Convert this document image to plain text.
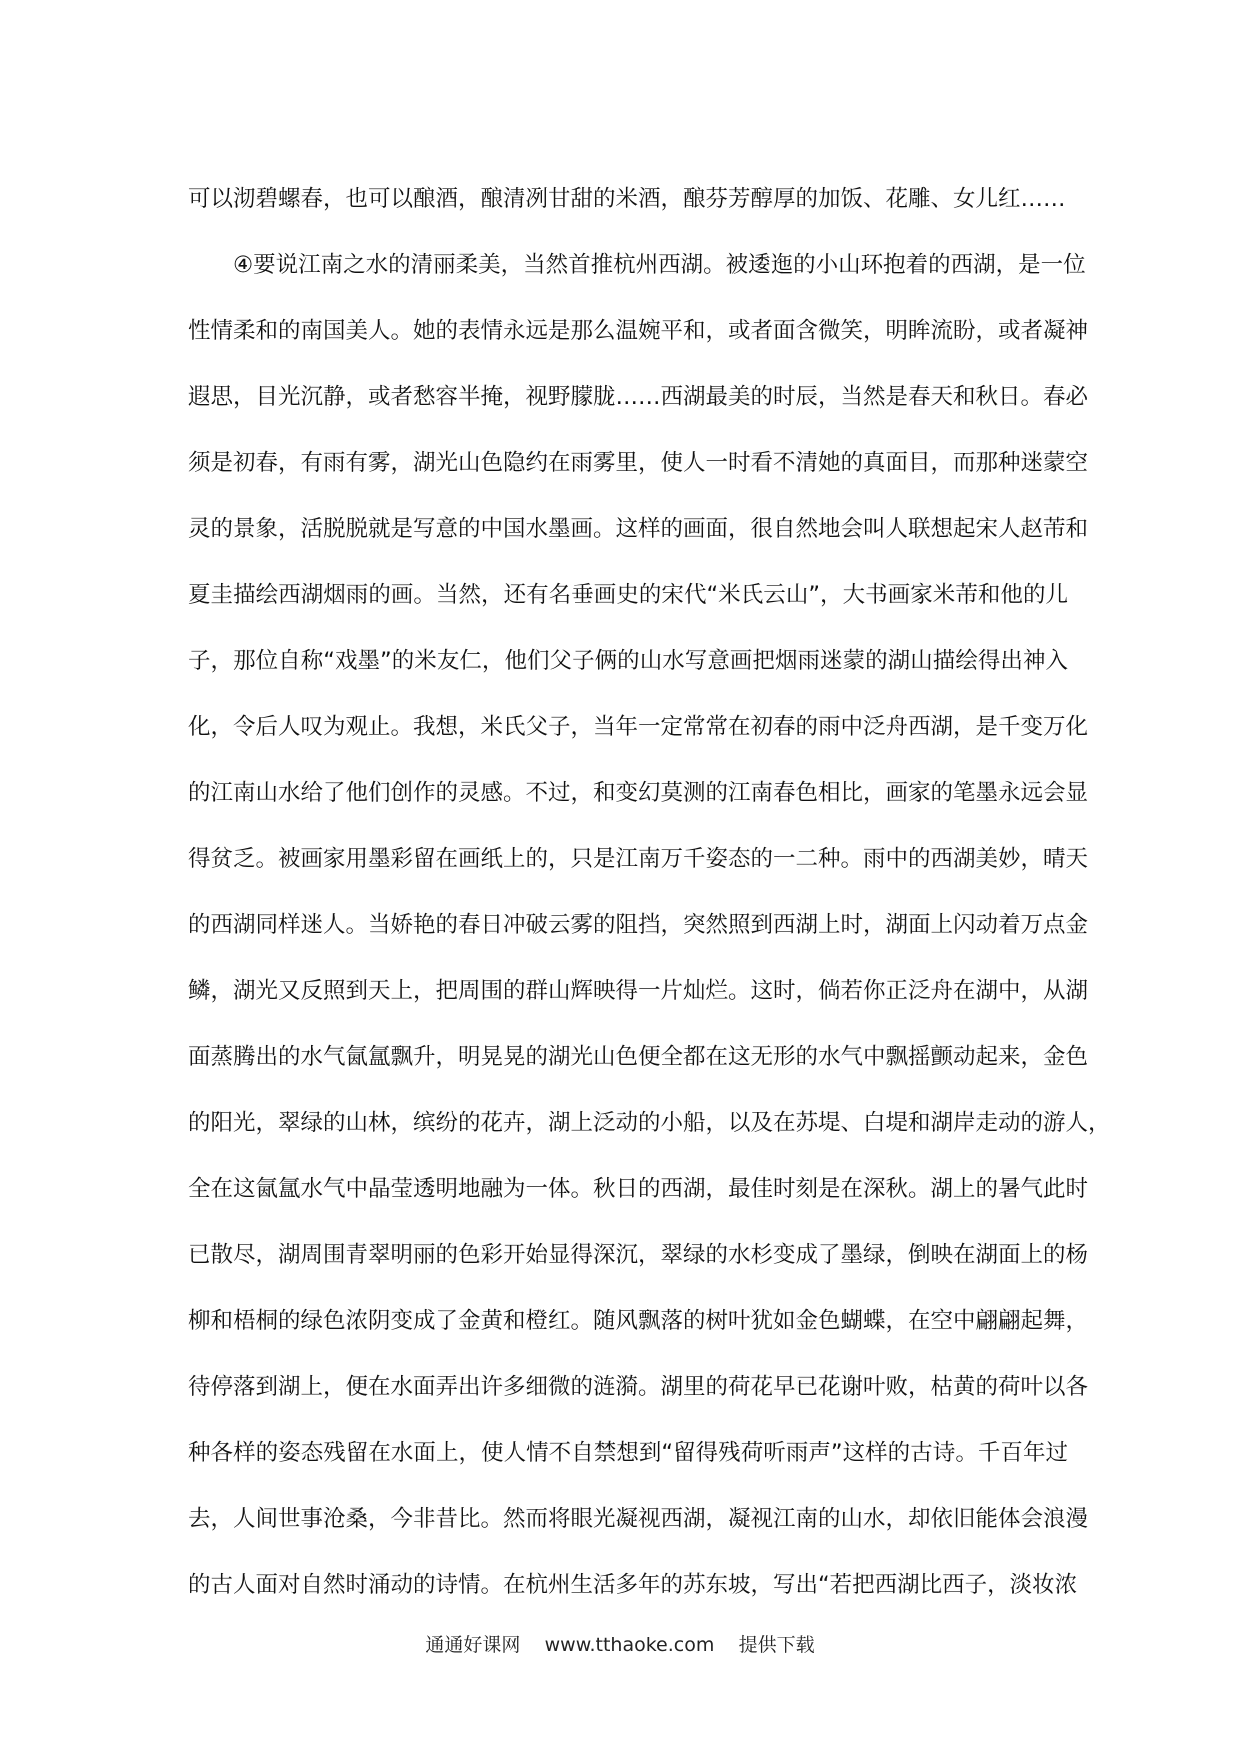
可以沏碧螺春，也可以酿酒，酿清冽甘甜的米酒，酿芬芳醇厚的加饭、花雕、女儿红……
④要说江南之水的清丽柔美，当然首推杭州西湖。被逶迤的小山环抱着的西湖，是一位
性情柔和的南国美人。她的表情永远是那么温婉平和，或者面含微笑，明眸流盼，或者凝神
遐思，目光沉静，或者愁容半掩，视野朦胧……西湖最美的时辰，当然是春天和秋日。春必
须是初春，有雨有雾，湖光山色隐约在雨雾里，使人一时看不清她的真面目，而那种迷蒙空
灵的景象，活脱脱就是写意的中国水墨画。这样的画面，很自然地会叫人联想起宋人赵芾和
夏圭描绘西湖烟雨的画。当然，还有名垂画史的宋代“米氏云山”，大书画家米芾和他的儿
子，那位自称“戏墨”的米友仁，他们父子俩的山水写意画把烟雨迷蒙的湖山描绘得出神入
化，令后人叹为观止。我想，米氏父子，当年一定常常在初春的雨中泛舟西湖，是千变万化
的江南山水给了他们创作的灵感。不过，和变幻莫测的江南春色相比，画家的笔墨永远会显
得贫乏。被画家用墨彩留在画纸上的，只是江南万千姿态的一二种。雨中的西湖美妙，晴天
的西湖同样迷人。当娇艳的春日冲破云雾的阻挡，突然照到西湖上时，湖面上闪动着万点金
鳞，湖光又反照到天上，把周围的群山辉映得一片灿烂。这时，倘若你正泛舟在湖中，从湖
面蒸腾出的水气氤氲飘升，明晃晃的湖光山色便全都在这无形的水气中飘摇颤动起来，金色
的阳光，翠绿的山林，缤纷的花卉，湖上泛动的小船，以及在苏堤、白堤和湖岸走动的游人，
全在这氤氲水气中晶莹透明地融为一体。秋日的西湖，最佳时刻是在深秋。湖上的暑气此时
已散尽，湖周围青翠明丽的色彩开始显得深沉，翠绿的水杉变成了墨绿，倒映在湖面上的杨
柳和梧桐的绿色浓阴变成了金黄和橙红。随风飘落的树叶犹如金色蝴蝶，在空中翩翩起舞，
待停落到湖上，便在水面弄出许多细微的涟漪。湖里的荷花早已花谢叶败，枯黄的荷叶以各
种各样的姿态残留在水面上，使人情不自禁想到“留得残荷听雨声”这样的古诗。千百年过
去，人间世事沧桑，今非昔比。然而将眼光凝视西湖，凝视江南的山水，却依旧能体会浪漫
的古人面对自然时涌动的诗情。在杭州生活多年的苏东坡，写出“若把西湖比西子，淡妆浓
通通好课网 www.tthaoke.com 提供下载
